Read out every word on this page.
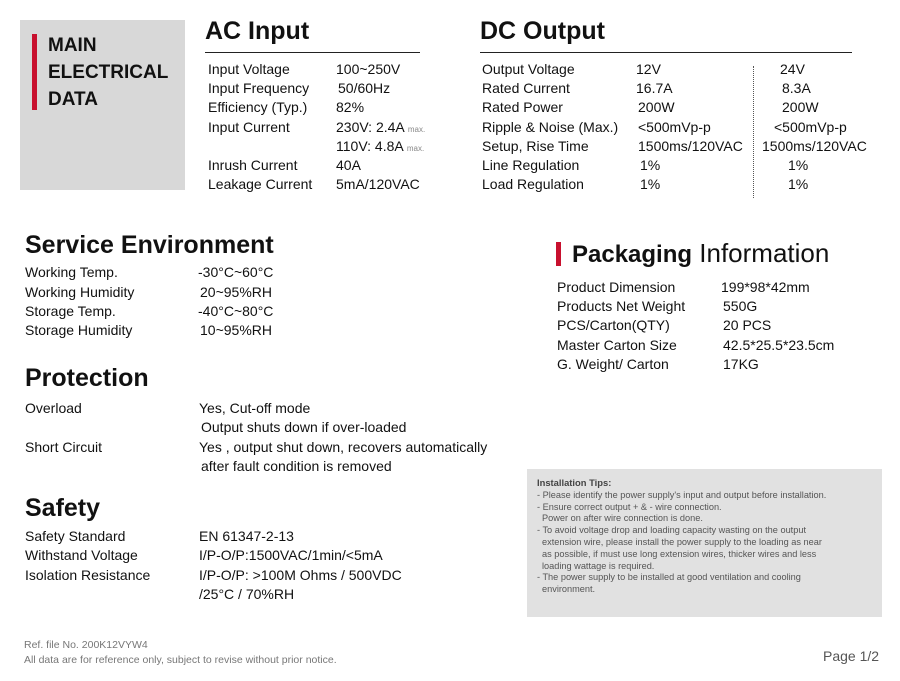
MAIN
ELECTRICAL
DATA
AC Input
Input Voltage	100~250V
Input Frequency 50/60Hz
Efficiency (Typ.) 82%
Input Current	230V: 2.4A max.
110V: 4.8A max.
Inrush Current	40A
Leakage Current 5mA/120VAC
DC Output
Output Voltage	12V	24V
Rated Current	16.7A	8.3A
Rated Power	200W	200W
Ripple & Noise (Max.) <500mVp-p	<500mVp-p
Setup, Rise Time	1500ms/120VAC 1500ms/120VAC
Line Regulation	1%	1%
Load Regulation	1%	1%
Service Environment
Working Temp.	-30°C~60°C
Working Humidity	20~95%RH
Storage Temp.	-40°C~80°C
Storage Humidity	10~95%RH
Protection
Overload	Yes, Cut-off mode
Output shuts down if over-loaded
Short Circuit	Yes , output shut down, recovers automatically
after fault condition is removed
Safety
Safety Standard	EN 61347-2-13
Withstand Voltage	I/P-O/P:1500VAC/1min/<5mA
Isolation Resistance	I/P-O/P: >100M Ohms / 500VDC
/25°C / 70%RH
Packaging Information
Product Dimension	199*98*42mm
Products Net Weight	550G
PCS/Carton(QTY)	20 PCS
Master Carton Size	42.5*25.5*23.5cm
G. Weight/ Carton	17KG
Installation Tips:
- Please identify the power supply's input and output before installation.
- Ensure correct output + & - wire connection.
Power on after wire connection is done.
- To avoid voltage drop and loading capacity wasting on the output
extension wire, please install the power supply to the loading as near
as possible, if must use long extension wires, thicker wires and less
loading wattage is required.
- The power supply to be installed at good ventilation and cooling
environment.
Ref. file No. 200K12VYW4
All data are for reference only, subject to revise without prior notice.	Page 1/2
